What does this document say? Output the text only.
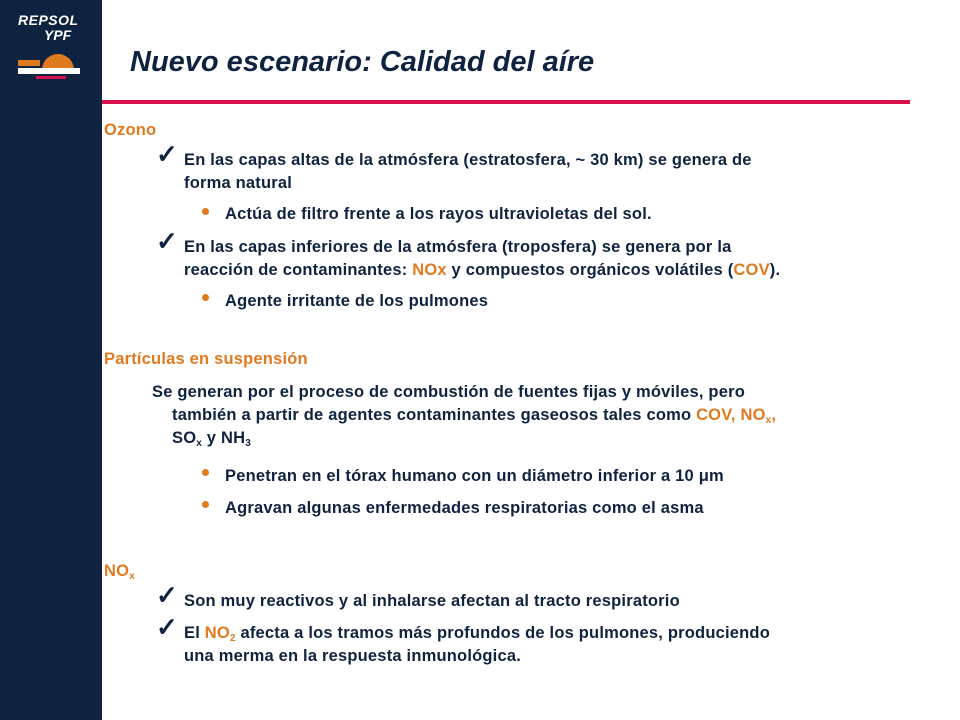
REPSOL
YPF
Nuevo escenario: Calidad del aíre
Ozono
✓ En las capas altas de la atmósfera (estratosfera, ~ 30 km) se genera de
forma natural
Actúa de filtro frente a los rayos ultravioletas del sol.
✓ En las capas inferiores de la atmósfera (troposfera) se genera por la
reacción de contaminantes: NOx y compuestos orgánicos volátiles (COV).
Agente irritante de los pulmones
Partículas en suspensión
Se generan por el proceso de combustión de fuentes fijas y móviles, pero
también a partir de agentes contaminantes gaseosos tales como COV, $NO_x$,
$SO_x$ y $NH_3$
Penetran en el tórax humano con un diámetro inferior a 10 μm
Agravan algunas enfermedades respiratorias como el asma
$NO_x$
✓ Son muy reactivos y al inhalarse afectan al tracto respiratorio
✓ El $NO_2$ afecta a los tramos más profundos de los pulmones, produciendo
una merma en la respuesta inmunológica.
